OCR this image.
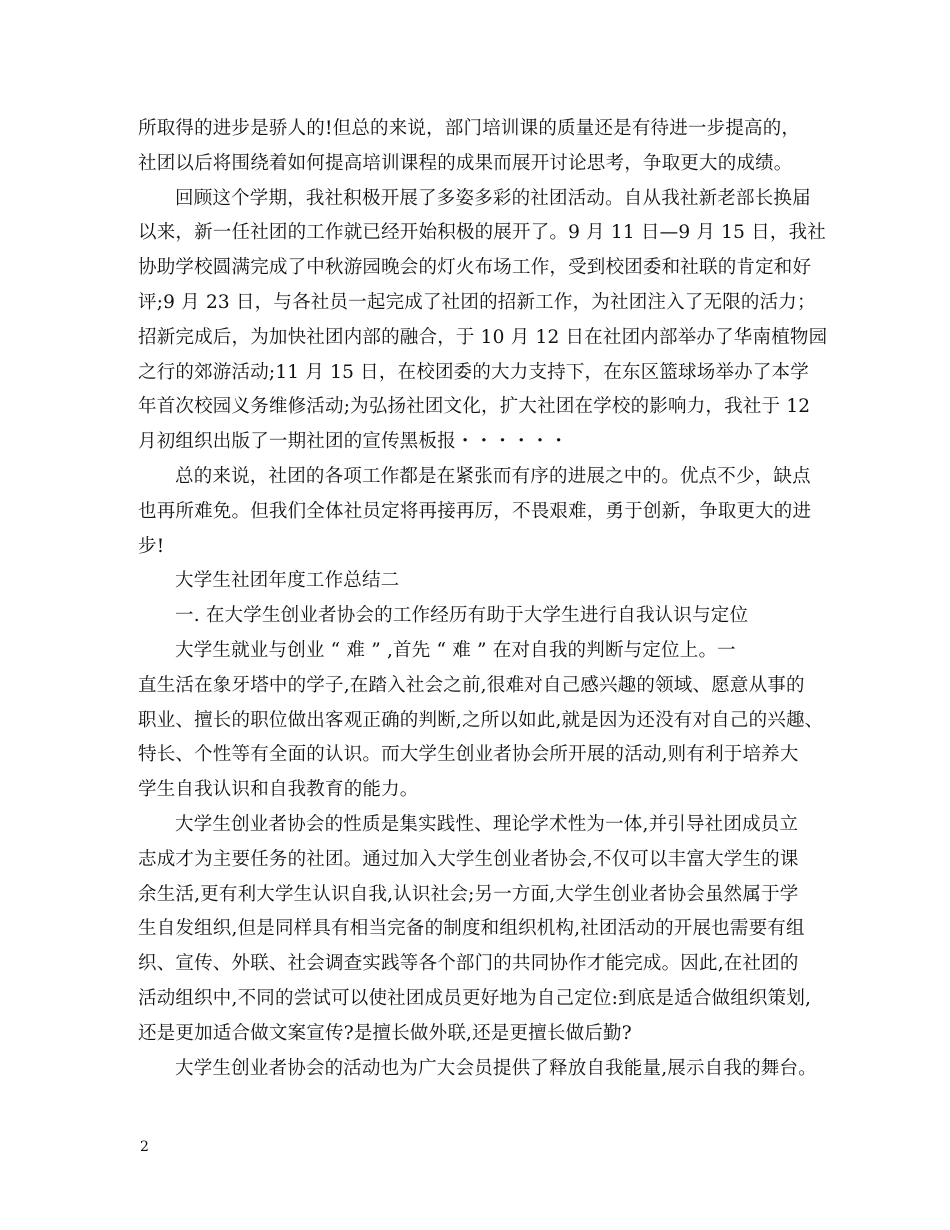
所取得的进步是骄人的!但总的来说，部门培训课的质量还是有待进一步提高的，
社团以后将围绕着如何提高培训课程的成果而展开讨论思考，争取更大的成绩。
回顾这个学期，我社积极开展了多姿多彩的社团活动。自从我社新老部长换届
以来，新一任社团的工作就已经开始积极的展开了。9 月 11 日—9 月 15 日，我社
协助学校圆满完成了中秋游园晚会的灯火布场工作，受到校团委和社联的肯定和好
评;9 月 23 日，与各社员一起完成了社团的招新工作，为社团注入了无限的活力；
招新完成后，为加快社团内部的融合，于 10 月 12 日在社团内部举办了华南植物园
之行的郊游活动;11 月 15 日，在校团委的大力支持下，在东区篮球场举办了本学
年首次校园义务维修活动;为弘扬社团文化，扩大社团在学校的影响力，我社于 12
月初组织出版了一期社团的宣传黑板报・・・・・・
总的来说，社团的各项工作都是在紧张而有序的进展之中的。优点不少，缺点
也再所难免。但我们全体社员定将再接再厉，不畏艰难，勇于创新，争取更大的进
步!
大学生社团年度工作总结二
一. 在大学生创业者协会的工作经历有助于大学生进行自我认识与定位
大学生就业与创业 “ 难 ” ,首先 “ 难 ” 在对自我的判断与定位上。一
直生活在象牙塔中的学子,在踏入社会之前,很难对自己感兴趣的领域、愿意从事的
职业、擅长的职位做出客观正确的判断,之所以如此,就是因为还没有对自己的兴趣、
特长、个性等有全面的认识。而大学生创业者协会所开展的活动,则有利于培养大
学生自我认识和自我教育的能力。
大学生创业者协会的性质是集实践性、理论学术性为一体,并引导社团成员立
志成才为主要任务的社团。通过加入大学生创业者协会,不仅可以丰富大学生的课
余生活,更有利大学生认识自我,认识社会;另一方面,大学生创业者协会虽然属于学
生自发组织,但是同样具有相当完备的制度和组织机构,社团活动的开展也需要有组
织、宣传、外联、社会调查实践等各个部门的共同协作才能完成。因此,在社团的
活动组织中,不同的尝试可以使社团成员更好地为自己定位:到底是适合做组织策划,
还是更加适合做文案宣传?是擅长做外联,还是更擅长做后勤?
大学生创业者协会的活动也为广大会员提供了释放自我能量,展示自我的舞台。
2
